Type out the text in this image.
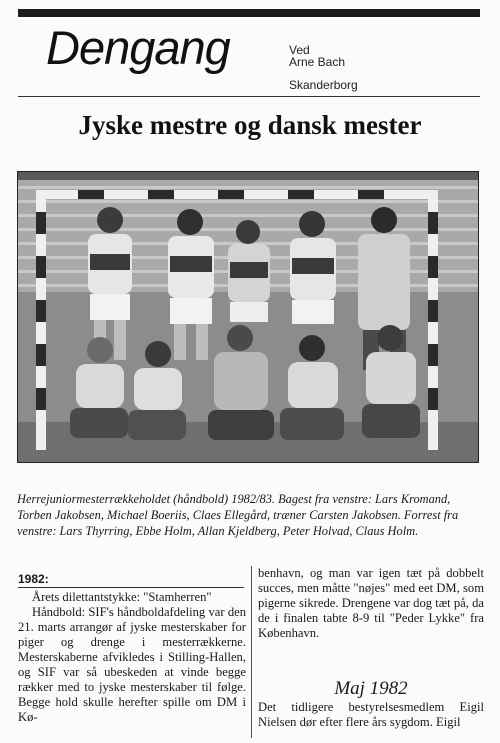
Dengang	Ved
Arne Bach
Skanderborg
Jyske mestre og dansk mester

Herrejuniormesterrækkeholdet (håndbold) 1982/83. Bagest fra venstre: Lars Kromand, Torben Jakobsen, Michael Boeriis, Claes Ellegård, træner Carsten Jakobsen. Forrest fra venstre: Lars Thyrring, Ebbe Holm, Allan Kjeldberg, Peter Holvad, Claus Holm.

1982:

Årets dilettantstykke: "Stamherren"

Håndbold: SIF's håndboldafdeling var den 21. marts arrangør af jyske mesterskaber for piger og drenge i mesterrækkerne. Mesterskaberne afvikledes i Stilling-Hallen, og SIF var så ubeskeden at vinde begge rækker med to jyske mesterskaber til følge. Begge hold skulle herefter spille om DM i Kø-

benhavn, og man var igen tæt på dobbelt succes, men måtte "nøjes" med eet DM, som pigerne sikrede. Drengene var dog tæt på, da de i finalen tabte 8-9 til "Peder Lykke" fra København.

Maj 1982

Det tidligere bestyrelsesmedlem Eigil Nielsen dør efter flere års sygdom. Eigil
